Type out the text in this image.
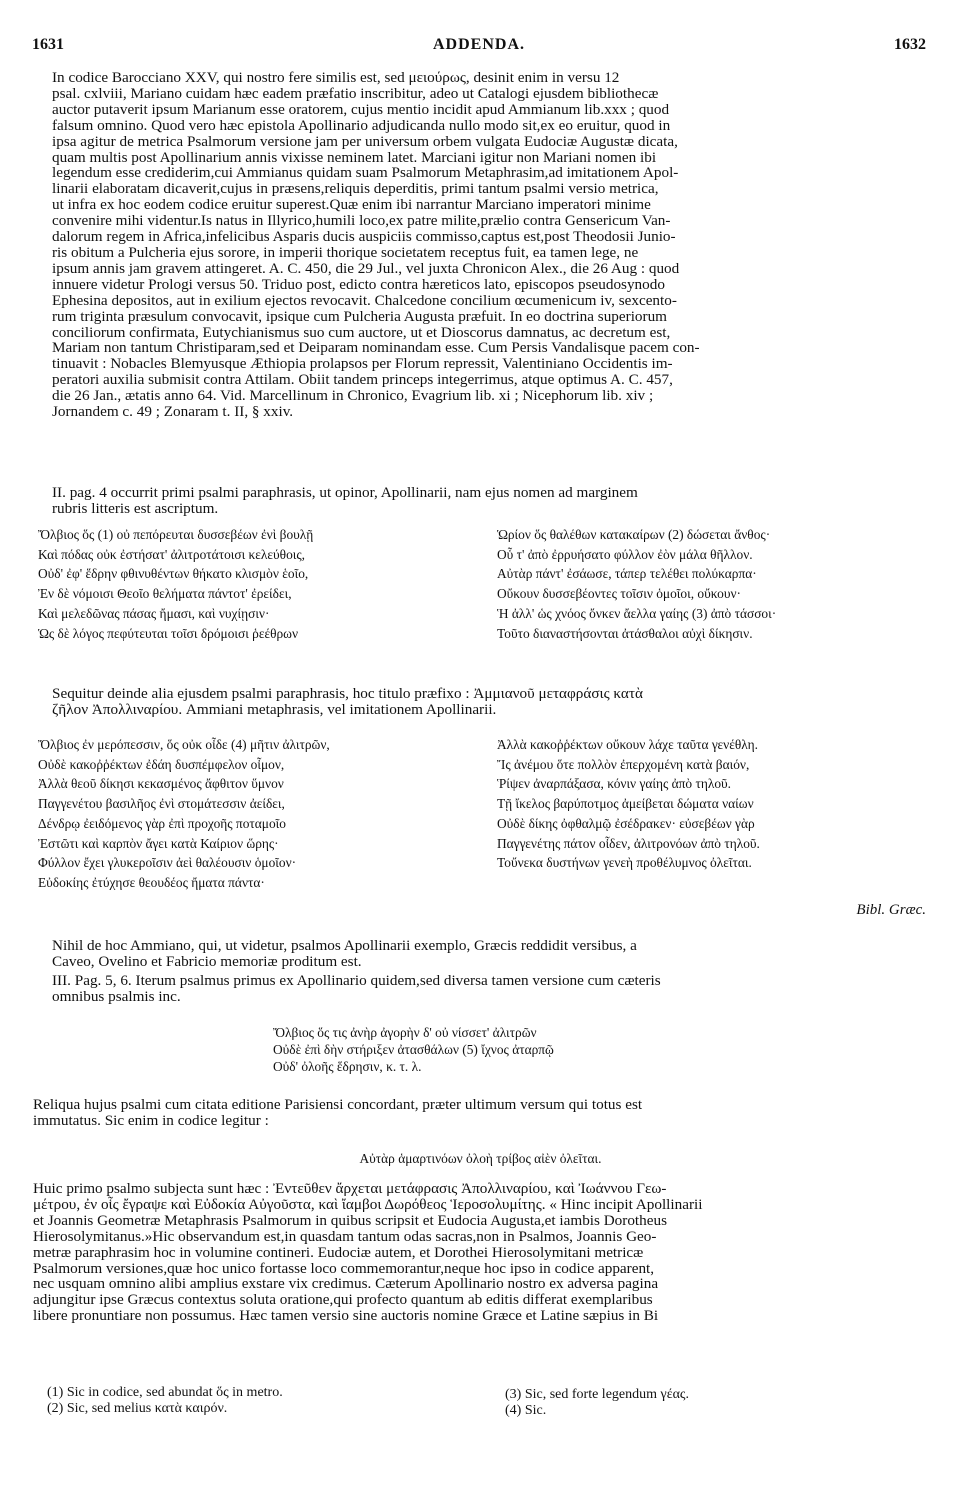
1631	ADDENDA.	1632
In codice Barocciano XXV, qui nostro fere similis est, sed μειούρως, desinit enim in versu 12
psal. cxlviii, Mariano cuidam hæc eadem præfatio inscribitur, adeo ut Catalogi ejusdem bibliothecæ
auctor putaverit ipsum Marianum esse oratorem, cujus mentio incidit apud Ammianum lib.xxx ; quod
falsum omnino. Quod vero hæc epistola Apollinario adjudicanda nullo modo sit,ex eo eruitur, quod in
ipsa agitur de metrica Psalmorum versione jam per universum orbem vulgata Eudociæ Augustæ dicata,
quam multis post Apollinarium annis vixisse neminem latet. Marciani igitur non Mariani nomen ibi
legendum esse crediderim,cui Ammianus quidam suam Psalmorum Metaphrasim,ad imitationem Apol-
linarii elaboratam dicaverit,cujus in præsens,reliquis deperditis, primi tantum psalmi versio metrica,
ut infra ex hoc eodem codice eruitur superest.Quæ enim ibi narrantur Marciano imperatori minime
convenire mihi videntur.Is natus in Illyrico,humili loco,ex patre milite,prælio contra Gensericum Van-
dalorum regem in Africa,infelicibus Asparis ducis auspiciis commisso,captus est,post Theodosii Junio-
ris obitum a Pulcheria ejus sorore, in imperii thorique societatem receptus fuit, ea tamen lege, ne
ipsum annis jam gravem attingeret. A. C. 450, die 29 Jul., vel juxta Chronicon Alex., die 26 Aug : quod
innuere videtur Prologi versus 50. Triduo post, edicto contra hæreticos lato, episcopos pseudosynodo
Ephesina depositos, aut in exilium ejectos revocavit. Chalcedone concilium œcumenicum iv, sexcento-
rum triginta præsulum convocavit, ipsique cum Pulcheria Augusta præfuit. In eo doctrina superiorum
conciliorum confirmata, Eutychianismus suo cum auctore, ut et Dioscorus damnatus, ac decretum est,
Mariam non tantum Christiparam,sed et Deiparam nominandam esse. Cum Persis Vandalisque pacem con-
tinuavit : Nobacles Blemyusque Æthiopia prolapsos per Florum repressit, Valentiniano Occidentis im-
peratori auxilia submisit contra Attilam. Obiit tandem princeps integerrimus, atque optimus A. C. 457,
die 26 Jan., ætatis anno 64. Vid. Marcellinum in Chronico, Evagrium lib. xi ; Nicephorum lib. xiv ;
Jornandem c. 49 ; Zonaram t. II, § xxiv.
II. pag. 4 occurrit primi psalmi paraphrasis, ut opinor, Apollinarii, nam ejus nomen ad marginem
rubris litteris est ascriptum.
Ὄλβιος ὅς (1) οὐ πεπόρευται δυσσεβέων ἐνὶ βουλῇ
Καὶ πόδας οὐκ ἐστήσατ' ἀλιτροτάτοισι κελεύθοις,
Οὐδ' ἐφ' ἕδρην φθινυθέντων θήκατο κλισμὸν ἑοῖο,
Ἐν δὲ νόμοισι Θεοῖο θελήματα πάντοτ' ἐρείδει,
Καὶ μελεδῶνας πάσας ἤμασι, καὶ νυχίῃσιν·
Ὡς δὲ λόγος πεφύτευται τοῖσι δρόμοισι ῥεέθρων
Ὡρίον ὅς θαλέθων κατακαίρων (2) δώσεται ἄνθος·
Οὗ τ' ἀπὸ ἐρρυήσατο φύλλον ἐὸν μάλα θῆλλον.
Αὐτὰρ πάντ' ἐσάωσε, τάπερ τελέθει πολύκαρπα·
Οὔκουν δυσσεβέοντες τοῖσιν ὁμοῖοι, οὔκουν·
Ἡ ἀλλ' ὡς χνόος ὄνκεν ἄελλα γαίης (3) ἀπὸ τάσσοι·
Τοῦτο διαναστήσονται ἀτάσθαλοι αὐχὶ δίκησιν.
Sequitur deinde alia ejusdem psalmi paraphrasis, hoc titulo præfixo : Ἀμμιανοῦ μεταφράσις κατὰ
ζῆλον Ἀπολλιναρίου. Ammiani metaphrasis, vel imitationem Apollinarii.
Ὄλβιος ἐν μερόπεσσιν, ὅς οὐκ οἶδε (4) μῆτιν ἀλιτρῶν,
Οὐδὲ κακοῤῥέκτων ἐδάη δυσπέμφελον οἶμον,
Ἀλλὰ θεοῦ δίκησι κεκασμένος ἄφθιτον ὕμνον
Παγγενέτου βασιλῆος ἐνὶ στομάτεσσιν ἀείδει,
Δένδρῳ ἐειδόμενος γὰρ ἐπὶ προχοῆς ποταμοῖο
Ἐστῶτι καὶ καρπὸν ἄγει κατὰ Καίριον ὥρης·
Φύλλον ἔχει γλυκεροῖσιν ἀεὶ θαλέουσιν ὁμοῖον·
Εὐδοκίης ἐτύχησε θεουδέος ἤματα πάντα·
Ἀλλὰ κακοῤῥέκτων οὔκουν λάχε ταῦτα γενέθλη.
Ἴς ἀνέμου ὅτε πολλὸν ἐπερχομένη κατὰ βαιόν,
Ῥίψεν ἀναρπάξασα, κόνιν γαίης ἀπὸ τηλοῦ.
Τῇ ἴκελος βαρύποτμος ἀμείβεται δώματα ναίων
Οὐδὲ δίκης ὀφθαλμῷ ἐσέδρακεν· εὐσεβέων γὰρ
Παγγενέτης πάτον οἶδεν, ἀλιτρονόων ἀπὸ τηλοῦ.
Τοὔνεκα δυστήνων γενεὴ προθέλυμνος ὀλεῖται.
Bibl. Græc.
Nihil de hoc Ammiano, qui, ut videtur, psalmos Apollinarii exemplo, Græcis reddidit versibus, a
Caveo, Ovelino et Fabricio memoriæ proditum est.
III. Pag. 5, 6. Iterum psalmus primus ex Apollinario quidem,sed diversa tamen versione cum cæteris
omnibus psalmis inc.
Ὄλβιος ὅς τις ἀνὴρ ἀγορὴν δ' οὐ νίσσετ' ἀλιτρῶν
Οὐδὲ ἐπὶ δὴν στήριξεν ἀτασθάλων (5) ἴχνος ἀταρπῷ
Οὐδ' ὀλοῆς ἕδρησιν, κ. τ. λ.
Reliqua hujus psalmi cum citata editione Parisiensi concordant, præter ultimum versum qui totus est
immutatus. Sic enim in codice legitur :
Αὐτὰρ ἁμαρτινόων ὀλοὴ τρίβος αἰὲν ὀλεῖται.
Huic primo psalmo subjecta sunt hæc : Ἐντεῦθεν ἄρχεται μετάφρασις Ἀπολλιναρίου, καὶ Ἰωάννου Γεω-
μέτρου, ἐν οἷς ἔγραψε καὶ Εὐδοκία Αὐγοῦστα, καὶ ἴαμβοι Δωρόθεος Ἱεροσολυμίτης. « Hinc incipit Apollinarii
et Joannis Geometræ Metaphrasis Psalmorum in quibus scripsit et Eudocia Augusta,et iambis Dorotheus
Hierosolymitanus.»Hic observandum est,in quasdam tantum odas sacras,non in Psalmos, Joannis Geo-
metræ paraphrasim hoc in volumine contineri. Eudociæ autem, et Dorothei Hierosolymitani metricæ
Psalmorum versiones,quæ hoc unico fortasse loco commemorantur,neque hoc ipso in codice apparent,
nec usquam omnino alibi amplius exstare vix credimus. Cæterum Apollinario nostro ex adversa pagina
adjungitur ipse Græcus contextus soluta oratione,qui profecto quantum ab editis differat exemplaribus
libere pronuntiare non possumus. Hæc tamen versio sine auctoris nomine Græce et Latine sæpius in Bi
(1) Sic in codice, sed abundat ὅς in metro.
(2) Sic, sed melius κατὰ καιρόν.
(3) Sic, sed forte legendum γέας.
(4) Sic.
